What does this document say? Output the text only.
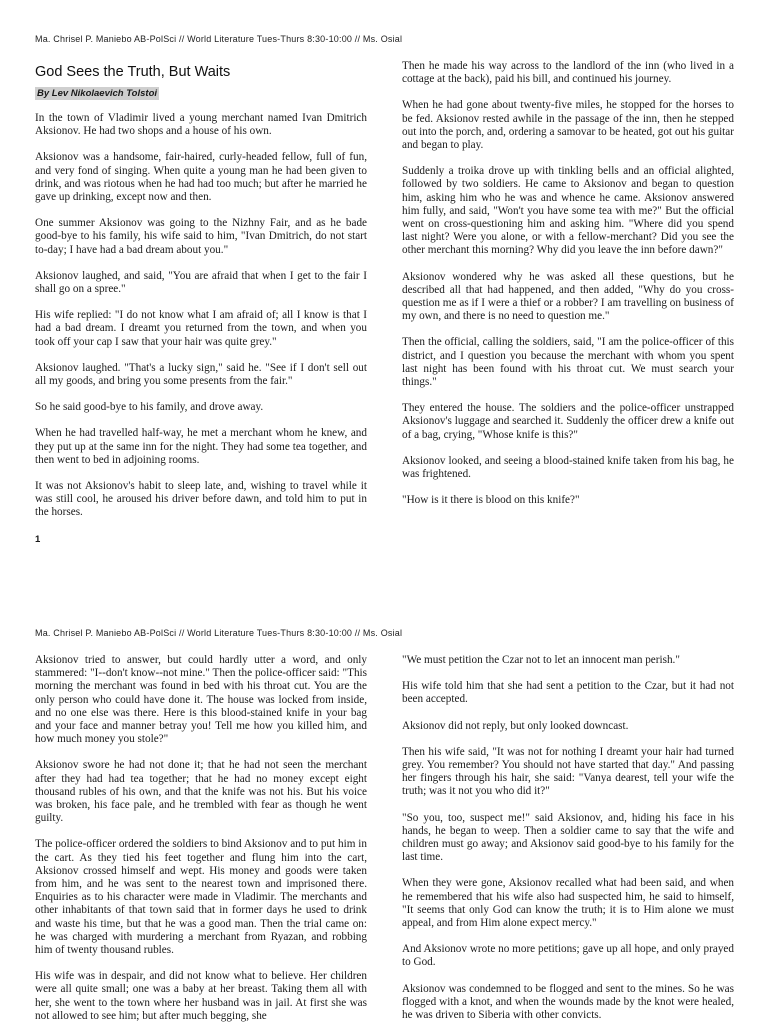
Ma. Chrisel P. Maniebo AB-PolSci // World Literature Tues-Thurs 8:30-10:00 // Ms. Osial
God Sees the Truth, But Waits
By Lev Nikolaevich Tolstoi

In the town of Vladimir lived a young merchant named Ivan Dmitrich Aksionov. He had two shops and a house of his own.

Aksionov was a handsome, fair-haired, curly-headed fellow, full of fun, and very fond of singing. When quite a young man he had been given to drink, and was riotous when he had had too much; but after he married he gave up drinking, except now and then.

One summer Aksionov was going to the Nizhny Fair, and as he bade good-bye to his family, his wife said to him, "Ivan Dmitrich, do not start to-day; I have had a bad dream about you."

Aksionov laughed, and said, "You are afraid that when I get to the fair I shall go on a spree."

His wife replied: "I do not know what I am afraid of; all I know is that I had a bad dream. I dreamt you returned from the town, and when you took off your cap I saw that your hair was quite grey."

Aksionov laughed. "That's a lucky sign," said he. "See if I don't sell out all my goods, and bring you some presents from the fair."

So he said good-bye to his family, and drove away.

When he had travelled half-way, he met a merchant whom he knew, and they put up at the same inn for the night. They had some tea together, and then went to bed in adjoining rooms.

It was not Aksionov's habit to sleep late, and, wishing to travel while it was still cool, he aroused his driver before dawn, and told him to put in the horses.

Then he made his way across to the landlord of the inn (who lived in a cottage at the back), paid his bill, and continued his journey.

When he had gone about twenty-five miles, he stopped for the horses to be fed. Aksionov rested awhile in the passage of the inn, then he stepped out into the porch, and, ordering a samovar to be heated, got out his guitar and began to play.

Suddenly a troika drove up with tinkling bells and an official alighted, followed by two soldiers. He came to Aksionov and began to question him, asking him who he was and whence he came. Aksionov answered him fully, and said, "Won't you have some tea with me?" But the official went on cross-questioning him and asking him. "Where did you spend last night? Were you alone, or with a fellow-merchant? Did you see the other merchant this morning? Why did you leave the inn before dawn?"

Aksionov wondered why he was asked all these questions, but he described all that had happened, and then added, "Why do you cross-question me as if I were a thief or a robber? I am travelling on business of my own, and there is no need to question me."

Then the official, calling the soldiers, said, "I am the police-officer of this district, and I question you because the merchant with whom you spent last night has been found with his throat cut. We must search your things."

They entered the house. The soldiers and the police-officer unstrapped Aksionov's luggage and searched it. Suddenly the officer drew a knife out of a bag, crying, "Whose knife is this?"

Aksionov looked, and seeing a blood-stained knife taken from his bag, he was frightened.

"How is it there is blood on this knife?"

1
Ma. Chrisel P. Maniebo AB-PolSci // World Literature Tues-Thurs 8:30-10:00 // Ms. Osial

Aksionov tried to answer, but could hardly utter a word, and only stammered: "I--don't know--not mine." Then the police-officer said: "This morning the merchant was found in bed with his throat cut. You are the only person who could have done it. The house was locked from inside, and no one else was there. Here is this blood-stained knife in your bag and your face and manner betray you! Tell me how you killed him, and how much money you stole?"

Aksionov swore he had not done it; that he had not seen the merchant after they had had tea together; that he had no money except eight thousand rubles of his own, and that the knife was not his. But his voice was broken, his face pale, and he trembled with fear as though he went guilty.

The police-officer ordered the soldiers to bind Aksionov and to put him in the cart. As they tied his feet together and flung him into the cart, Aksionov crossed himself and wept. His money and goods were taken from him, and he was sent to the nearest town and imprisoned there. Enquiries as to his character were made in Vladimir. The merchants and other inhabitants of that town said that in former days he used to drink and waste his time, but that he was a good man. Then the trial came on: he was charged with murdering a merchant from Ryazan, and robbing him of twenty thousand rubles.

His wife was in despair, and did not know what to believe. Her children were all quite small; one was a baby at her breast. Taking them all with her, she went to the town where her husband was in jail. At first she was not allowed to see him; but after much begging, she

"We must petition the Czar not to let an innocent man perish."

His wife told him that she had sent a petition to the Czar, but it had not been accepted.

Aksionov did not reply, but only looked downcast.

Then his wife said, "It was not for nothing I dreamt your hair had turned grey. You remember? You should not have started that day." And passing her fingers through his hair, she said: "Vanya dearest, tell your wife the truth; was it not you who did it?"

"So you, too, suspect me!" said Aksionov, and, hiding his face in his hands, he began to weep. Then a soldier came to say that the wife and children must go away; and Aksionov said good-bye to his family for the last time.

When they were gone, Aksionov recalled what had been said, and when he remembered that his wife also had suspected him, he said to himself, "It seems that only God can know the truth; it is to Him alone we must appeal, and from Him alone expect mercy."

And Aksionov wrote no more petitions; gave up all hope, and only prayed to God.

Aksionov was condemned to be flogged and sent to the mines. So he was flogged with a knot, and when the wounds made by the knot were healed, he was driven to Siberia with other convicts.
